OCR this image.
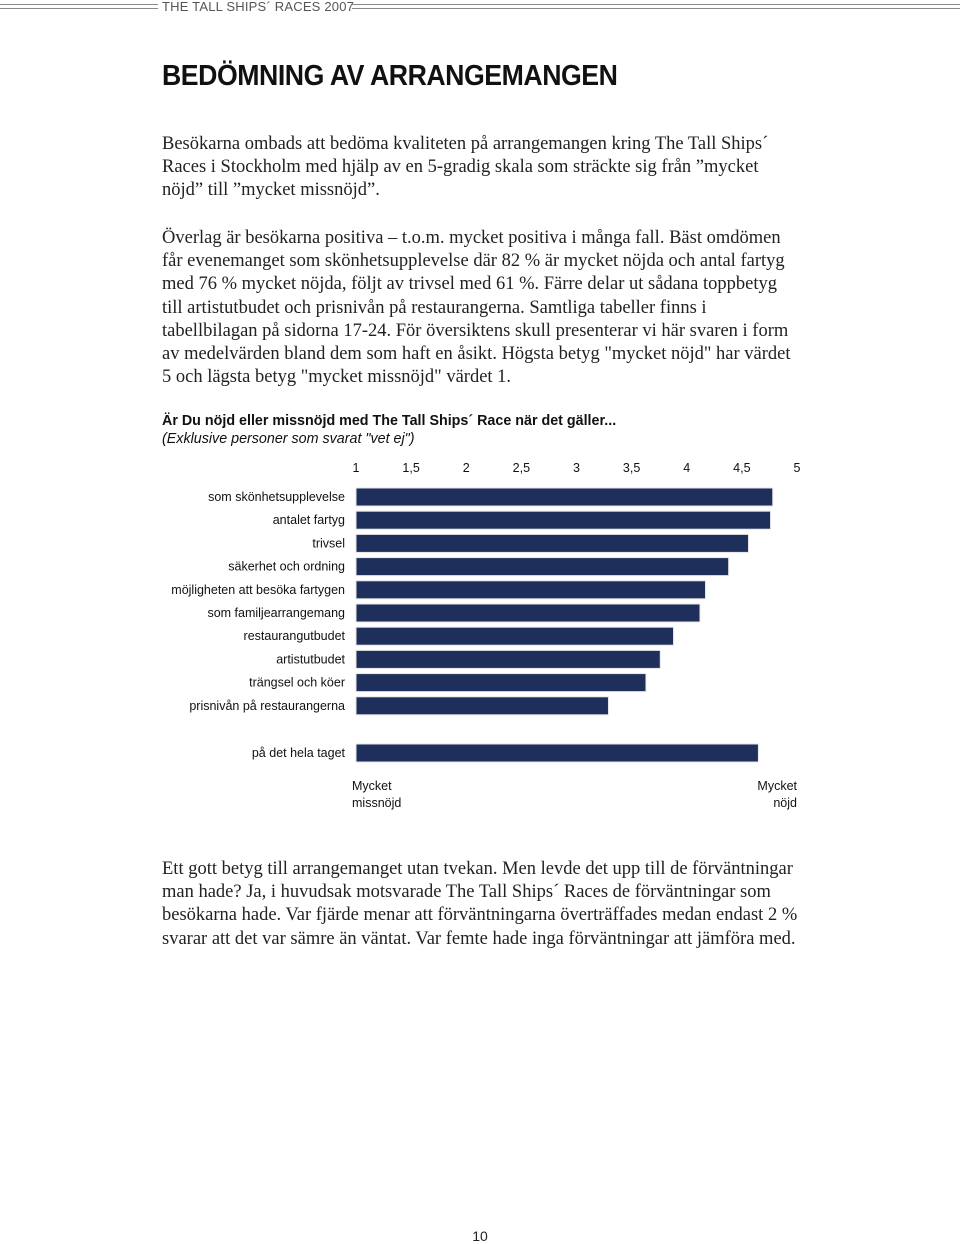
THE TALL SHIPS´ RACES 2007
BEDÖMNING AV ARRANGEMANGEN

Besökarna ombads att bedöma kvaliteten på arrangemangen kring The Tall Ships´ Races i Stockholm med hjälp av en 5-gradig skala som sträckte sig från ”mycket nöjd” till ”mycket missnöjd”.

Överlag är besökarna positiva – t.o.m. mycket positiva i många fall. Bäst omdömen får evenemanget som skönhetsupplevelse där 82 % är mycket nöjda och antal fartyg med 76 % mycket nöjda, följt av trivsel med 61 %. Färre delar ut sådana toppbetyg till artistutbudet och prisnivån på restaurangerna. Samtliga tabeller finns i tabellbilagan på sidorna 17-24. För översiktens skull presenterar vi här svaren i form av medelvärden bland dem som haft en åsikt. Högsta betyg "mycket nöjd" har värdet 5 och lägsta betyg "mycket missnöjd" värdet 1.

Är Du nöjd eller missnöjd med The Tall Ships´ Race när det gäller...
(Exklusive personer som svarat "vet ej")
1	1,5	2	2,5	3	3,5	4	4,5	5
som skönhetsupplevelse
antalet fartyg
trivsel
säkerhet och ordning
möjligheten att besöka fartygen
som familjearrangemang
restaurangutbudet
artistutbudet
trängsel och köer
prisnivån på restaurangerna
på det hela taget
Mycket
missnöjd
Mycket
nöjd

Ett gott betyg till arrangemanget utan tvekan. Men levde det upp till de förväntningar man hade? Ja, i huvudsak motsvarade The Tall Ships´ Races de förväntningar som besökarna hade. Var fjärde menar att förväntningarna överträffades medan endast 2 % svarar att det var sämre än väntat. Var femte hade inga förväntningar att jämföra med.

10
